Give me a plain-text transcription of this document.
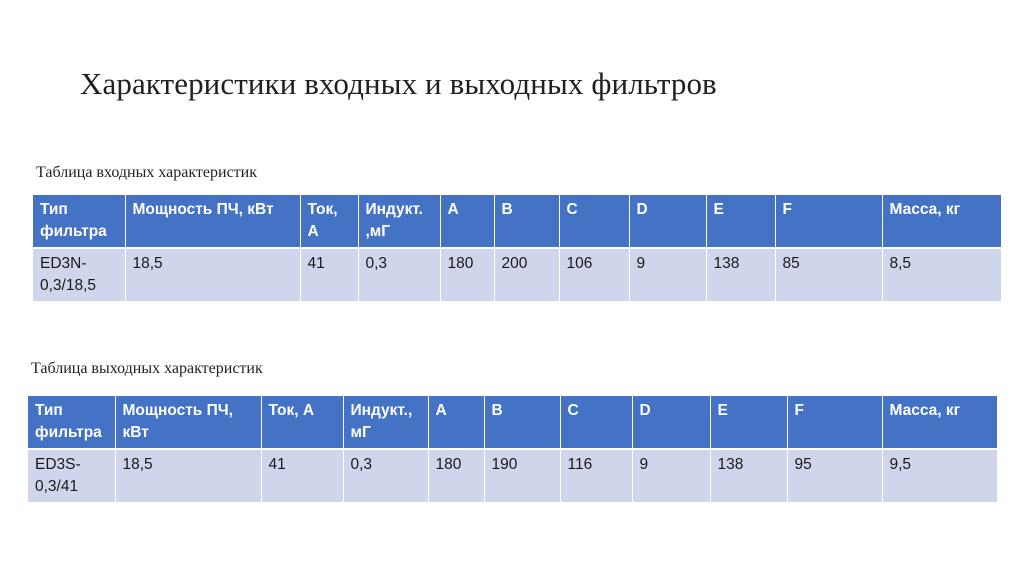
Характеристики входных и выходных фильтров
Таблица входных характеристик
Тип фильтра	Мощность ПЧ, кВт	Ток, А	Индукт. ,мГ	A	B	C	D	E	F	Масса, кг
ED3N-0,3/18,5	18,5	41	0,3	180	200	106	9	138	85	8,5
Таблица выходных характеристик
Тип фильтра	Мощность ПЧ, кВт	Ток, А	Индукт., мГ	A	B	C	D	E	F	Масса, кг
ED3S-0,3/41	18,5	41	0,3	180	190	116	9	138	95	9,5
